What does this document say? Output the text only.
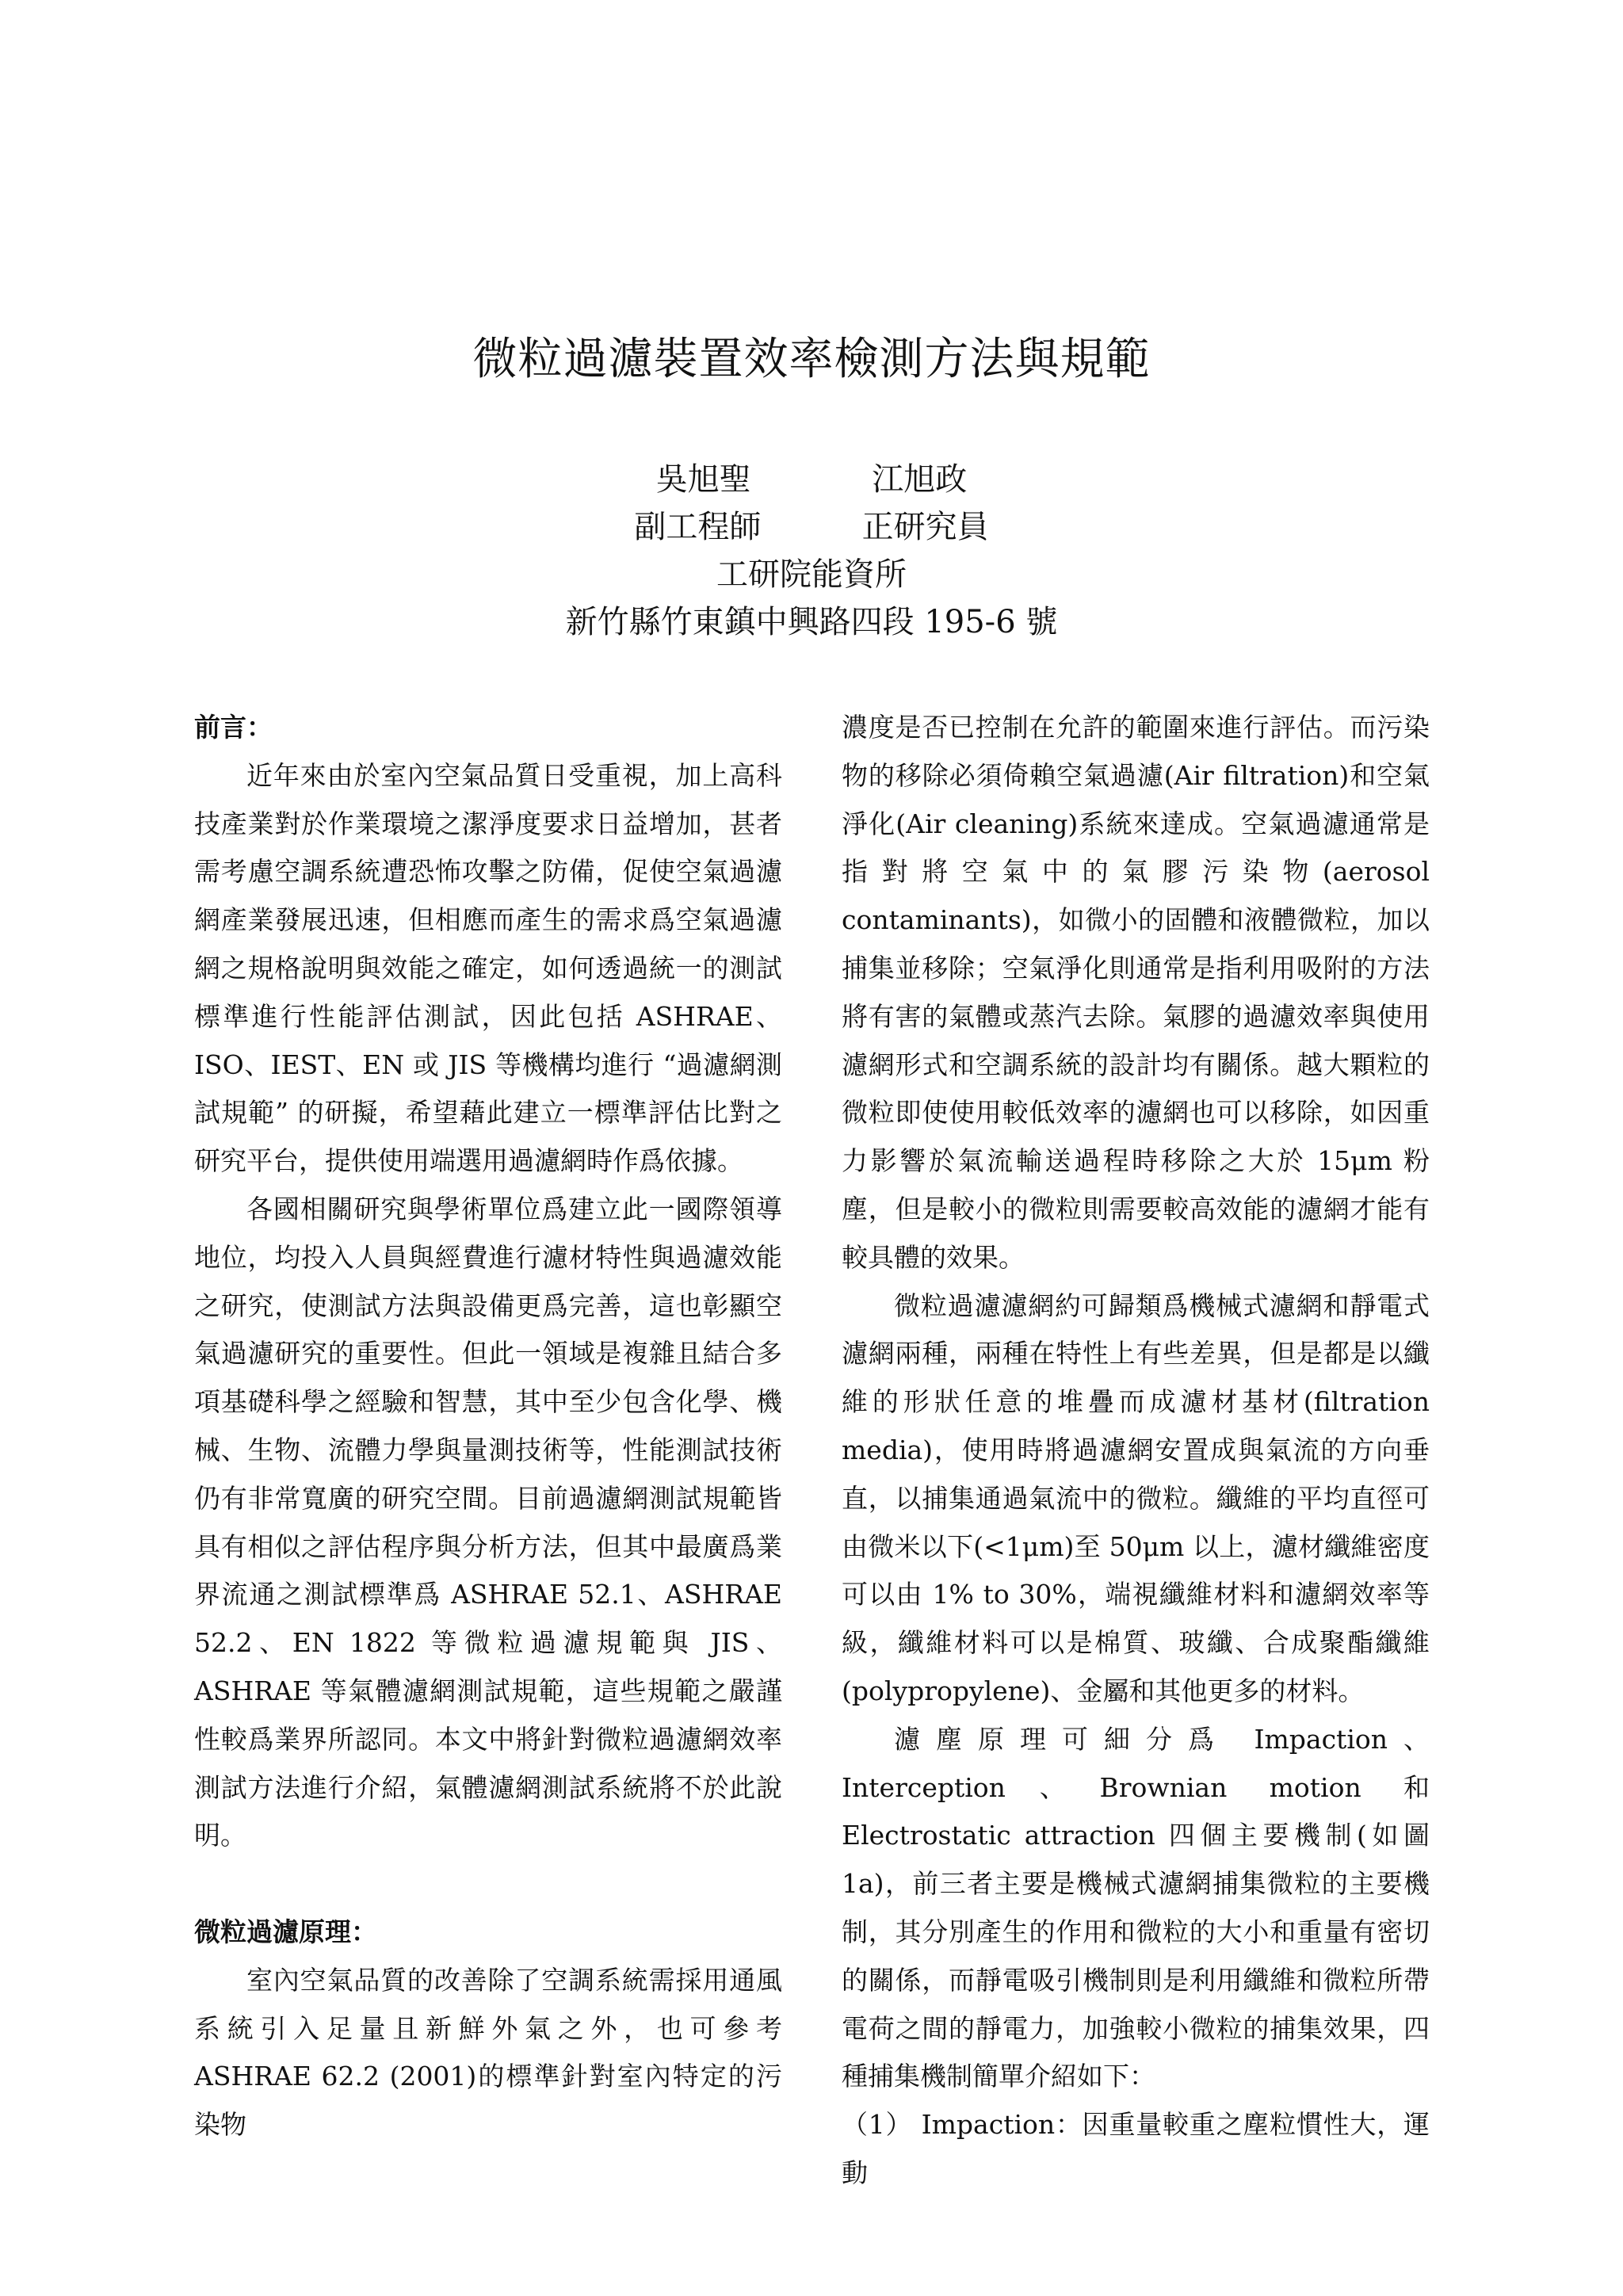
微粒過濾裝置效率檢測方法與規範
吳旭聖	江旭政
副工程師	正研究員
工研院能資所
新竹縣竹東鎮中興路四段 195-6 號
前言：

近年來由於室內空氣品質日受重視，加上高科技產業對於作業環境之潔淨度要求日益增加，甚者需考慮空調系統遭恐怖攻擊之防備，促使空氣過濾網產業發展迅速，但相應而產生的需求爲空氣過濾網之規格說明與效能之確定，如何透過統一的測試標準進行性能評估測試，因此包括 ASHRAE、ISO、IEST、EN 或 JIS 等機構均進行 “過濾網測試規範” 的研擬，希望藉此建立一標準評估比對之研究平台，提供使用端選用過濾網時作爲依據。

各國相關研究與學術單位爲建立此一國際領導地位，均投入人員與經費進行濾材特性與過濾效能之研究，使測試方法與設備更爲完善，這也彰顯空氣過濾研究的重要性。但此一領域是複雜且結合多項基礎科學之經驗和智慧，其中至少包含化學、機械、生物、流體力學與量測技術等，性能測試技術仍有非常寬廣的研究空間。目前過濾網測試規範皆具有相似之評估程序與分析方法，但其中最廣爲業界流通之測試標準爲 ASHRAE 52.1、ASHRAE 52.2、EN 1822 等微粒過濾規範與 JIS、ASHRAE 等氣體濾網測試規範，這些規範之嚴謹性較爲業界所認同。本文中將針對微粒過濾網效率測試方法進行介紹，氣體濾網測試系統將不於此說明。

微粒過濾原理：

室內空氣品質的改善除了空調系統需採用通風系統引入足量且新鮮外氣之外，也可參考 ASHRAE 62.2 (2001)的標準針對室內特定的污染物

濃度是否已控制在允許的範圍來進行評估。而污染物的移除必須倚賴空氣過濾(Air filtration)和空氣淨化(Air cleaning)系統來達成。空氣過濾通常是指對將空氣中的氣膠污染物(aerosol contaminants)，如微小的固體和液體微粒，加以捕集並移除；空氣淨化則通常是指利用吸附的方法將有害的氣體或蒸汽去除。氣膠的過濾效率與使用濾網形式和空調系統的設計均有關係。越大顆粒的微粒即使使用較低效率的濾網也可以移除，如因重力影響於氣流輸送過程時移除之大於 15μm 粉塵，但是較小的微粒則需要較高效能的濾網才能有較具體的效果。

微粒過濾濾網約可歸類爲機械式濾網和靜電式濾網兩種，兩種在特性上有些差異，但是都是以纖維的形狀任意的堆疊而成濾材基材(filtration media)，使用時將過濾網安置成與氣流的方向垂直，以捕集通過氣流中的微粒。纖維的平均直徑可由微米以下(<1μm)至 50μm 以上，濾材纖維密度可以由 1% to 30%，端視纖維材料和濾網效率等級，纖維材料可以是棉質、玻纖、合成聚酯纖維(polypropylene)、金屬和其他更多的材料。

濾塵原理可細分爲 Impaction、Interception、Brownian motion 和 Electrostatic attraction 四個主要機制(如圖 1a)，前三者主要是機械式濾網捕集微粒的主要機制，其分別產生的作用和微粒的大小和重量有密切的關係，而靜電吸引機制則是利用纖維和微粒所帶電荷之間的靜電力，加強較小微粒的捕集效果，四種捕集機制簡單介紹如下：

（1） Impaction：因重量較重之塵粒慣性大，運動
